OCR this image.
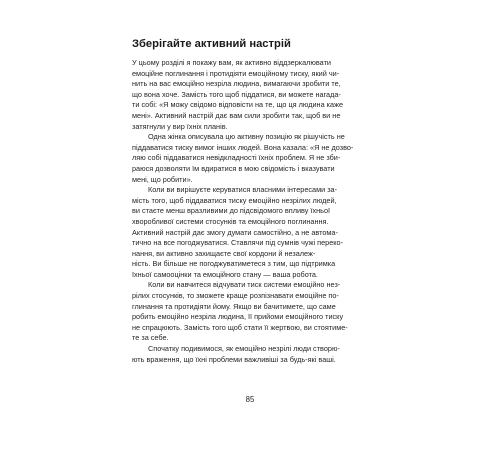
Зберігайте активний настрій
У цьому розділі я покажу вам, як активно віддзеркалювати
емоційне поглинання і протидіяти емоційному тиску, який чи-
нить на вас емоційно незріла людина, вимагаючи зробити те,
що вона хоче. Замість того щоб піддатися, ви можете нагада-
ти собі: «Я можу свідомо відповісти на те, що ця людина каже
мені». Активний настрій дає вам сили зробити так, щоб ви не
затягнули у вир їхніх планів.
Одна жінка описувала цю активну позицію як рішучість не
піддаватися тиску вимог інших людей. Вона казала: «Я не дозво-
ляю собі піддаватися невідкладності їхніх проблем. Я не зби-
раюся дозволяти їм вдиратися в мою свідомість і вказувати
мені, що робити».
Коли ви вирішуєте керуватися власними інтересами за-
мість того, щоб піддаватися тиску емоційно незрілих людей,
ви стаєте менш вразливими до підсвідомого впливу їхньої
хворобливої системи стосунків та емоційного поглинання.
Активний настрій дає змогу думати самостійно, а не автома-
тично на все погоджуватися. Ставлячи під сумнів чужі переко-
нання, ви активно захищаєте свої кордони й незалеж-
ність. Ви більше не погоджуватиметеся з тим, що підтримка
їхньої самооцінки та емоційного стану — ваша робота.
Коли ви навчитеся відчувати тиск системи емоційно нез-
рілих стосунків, то зможете краще розпізнавати емоційне по-
глинання та протидіяти йому. Якщо ви бачитимете, що саме
робить емоційно незріла людина, її прийоми емоційного тиску
не спрацюють. Замість того щоб стати її жертвою, ви стоятиме-
те за себе.
Спочатку подивимося, як емоційно незрілі люди створю-
ють враження, що їхні проблеми важливіші за будь-які ваші.
85
